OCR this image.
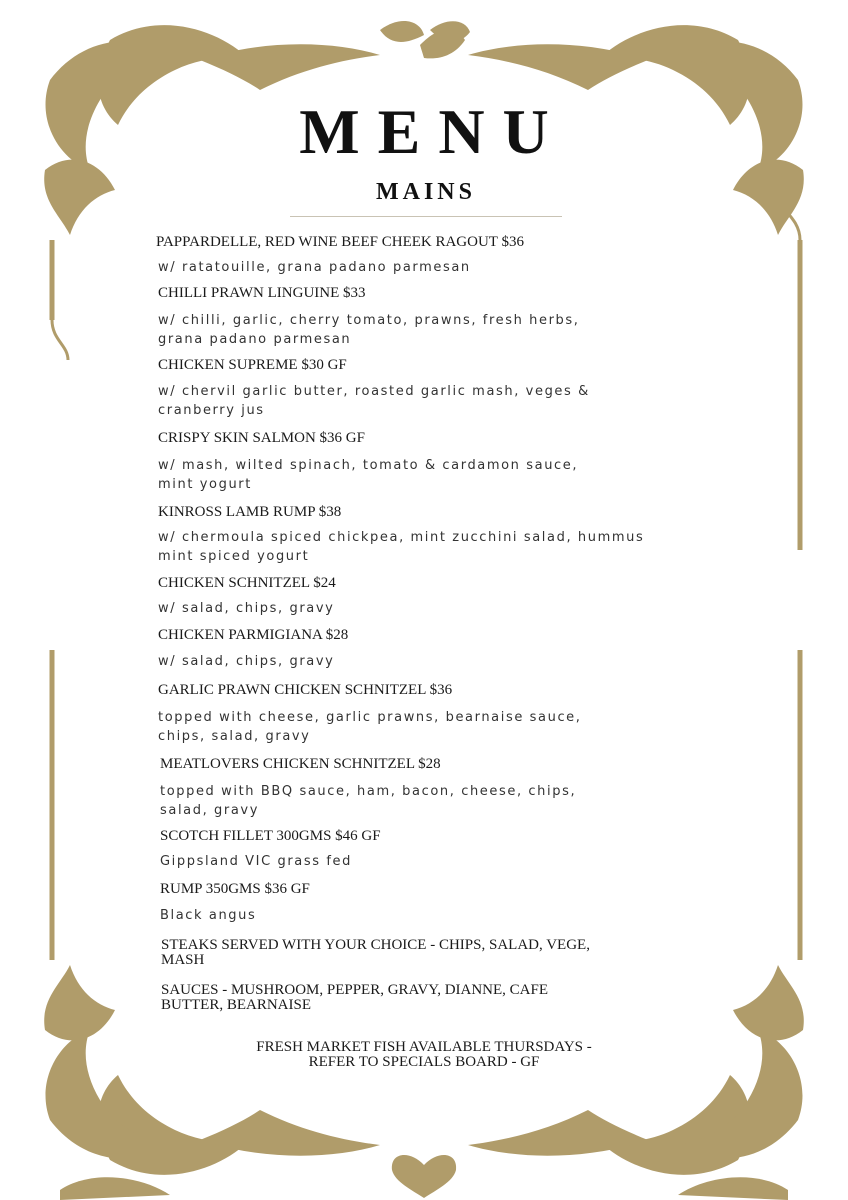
MENU
MAINS
PAPPARDELLE, RED WINE BEEF CHEEK RAGOUT $36
w/ ratatouille, grana padano parmesan
CHILLI PRAWN LINGUINE $33
w/ chilli, garlic, cherry tomato, prawns, fresh herbs,
grana padano parmesan
CHICKEN SUPREME $30 GF
w/ chervil garlic butter, roasted garlic mash, veges &
cranberry jus
CRISPY SKIN SALMON $36 GF
w/ mash, wilted spinach, tomato & cardamon sauce,
mint yogurt
KINROSS LAMB RUMP $38
w/ chermoula spiced chickpea, mint zucchini salad, hummus
mint spiced yogurt
CHICKEN SCHNITZEL $24
w/ salad, chips, gravy
CHICKEN PARMIGIANA $28
w/ salad, chips, gravy
GARLIC PRAWN CHICKEN SCHNITZEL $36
topped with cheese, garlic prawns, bearnaise sauce,
chips, salad, gravy
MEATLOVERS CHICKEN SCHNITZEL $28
topped with BBQ sauce, ham, bacon, cheese, chips,
salad, gravy
SCOTCH FILLET 300GMS $46 GF
Gippsland VIC grass fed
RUMP 350GMS $36 GF
Black angus
STEAKS SERVED WITH YOUR CHOICE - CHIPS, SALAD, VEGE,
MASH
SAUCES - MUSHROOM, PEPPER, GRAVY, DIANNE, CAFE
BUTTER, BEARNAISE
FRESH MARKET FISH AVAILABLE THURSDAYS -
REFER TO SPECIALS BOARD - GF
